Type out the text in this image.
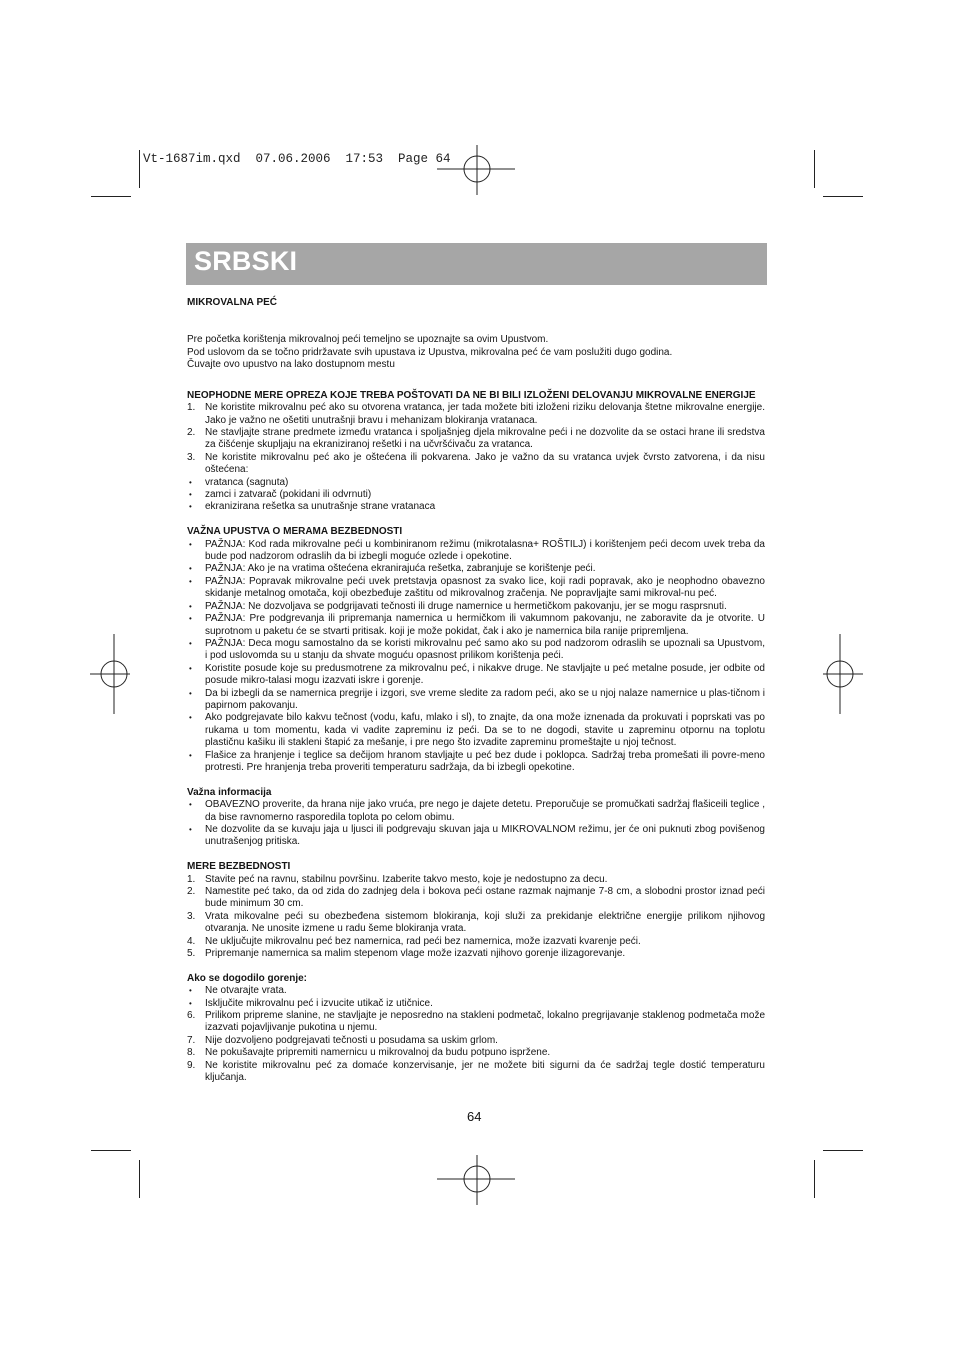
Vt-1687im.qxd  07.06.2006  17:53  Page 64
SRBSKI

MIKROVALNA PEĆ

Pre početka korištenja mikrovalnoj peći temeljno se upoznajte sa ovim Upustvom.

Pod uslovom da se točno pridržavate svih upustava iz Upustva, mikrovalna peć će vam poslužiti dugo godina.

Čuvajte ovo upustvo na lako dostupnom mestu

NEOPHODNE MERE OPREZA KOJE TREBA POŠTOVATI DA NE BI BILI IZLOŽENI DELOVANJU MIKROVALNE ENERGIJE

1. Ne koristite mikrovalnu peć ako su otvorena vratanca, jer tada možete biti izloženi riziku delovanja štetne mikrovalne energije. Jako je važno ne ošetiti unutrašnji bravu i mehanizam blokiranja vratanaca.
2. Ne stavljajte strane predmete između vratanca i spoljašnjeg djela mikrovalne peći i ne dozvolite da se ostaci hrane ili sredstva za čišćenje skupljaju na ekraniziranoj rešetki i na učvršćivaču za vratanca.
3. Ne koristite mikrovalnu peć ako je oštećena ili pokvarena. Jako je važno da su vratanca uvjek čvrsto zatvorena, i da nisu oštećena:
•	vratanca (sagnuta)
•	zamci i zatvarač (pokidani ili odvrnuti)
•	ekranizirana rešetka sa unutrašnje strane vratanaca

VAŽNA UPUSTVA O MERAMA BEZBEDNOSTI

•	PAŽNJA: Kod rada mikrovalne peći u kombiniranom režimu (mikrotalasna+ ROŠTILJ) i korištenjem peći decom uvek treba da bude pod nadzorom odraslih da bi izbegli moguće ozlede i opekotine.
•	PAŽNJA: Ako je na vratima oštećena ekranirajuća rešetka, zabranjuje se korištenje peći.
•	PAŽNJA: Popravak mikrovalne peći uvek pretstavja opasnost za svako lice, koji radi popravak, ako je neophodno obavezno skidanje metalnog omotača, koji obezbeđuje zaštitu od mikrovalnog zračenja. Ne popravljajte sami mikroval-nu peć.
•	PAŽNJA: Ne dozvoljava se podgrijavati tečnosti ili druge namernice u hermetičkom pakovanju, jer se mogu rasprsnuti.
•	PAŽNJA: Pre podgrevanja ili pripremanja namernica u hermičkom ili vakumnom pakovanju, ne zaboravite da je otvorite. U suprotnom u paketu će se stvarti pritisak. koji je može pokidat, čak i ako je namernica bila ranije pripremljena.
•	PAŽNJA: Deca mogu samostalno da se koristi mikrovalnu peć samo ako su pod nadzorom odraslih se upoznali sa Upustvom, i pod uslovomda su u stanju da shvate moguću opasnost prilikom korištenja peći.
•	Koristite posude koje su predusmotrene za mikrovalnu peć, i nikakve druge. Ne stavljajte u peć metalne posude, jer odbite od posude mikro-talasi mogu izazvati iskre i gorenje.
•	Da bi izbegli da se namernica pregrije i izgori, sve vreme sledite za radom peći, ako se u njoj nalaze namernice u plas-tičnom i papirnom pakovanju.
•	Ako podgrejavate bilo kakvu tečnost (vodu, kafu, mlako i sl), to znajte, da ona može iznenada da prokuvati i poprskati vas po rukama u tom momentu, kada vi vadite zapreminu iz peći. Da se to ne dogodi, stavite u zapreminu otpornu na toplotu plastičnu kašiku ili stakleni štapić za mešanje, i pre nego što izvadite zapreminu promeštajte u njoj tečnost.
•	Flašice za hranjenje i teglice sa dečijom hranom stavljajte u peć bez dude i poklopca. Sadržaj treba promešati ili povre-meno protresti. Pre hranjenja treba proveriti temperaturu sadržaja, da bi izbegli opekotine.

Važna informacija

•	OBAVEZNO proverite, da hrana nije jako vruća, pre nego je dajete detetu. Preporučuje se promučkati sadržaj flašiceili teglice , da bise ravnomerno rasporedila toplota po celom obimu.
•	Ne dozvolite da se kuvaju jaja u ljusci ili podgrevaju skuvan jaja u MIKROVALNOM režimu, jer će oni puknuti zbog povišenog unutrašenjog pritiska.

MERE BEZBEDNOSTI

1. Stavite peć na ravnu, stabilnu površinu. Izaberite takvo mesto, koje je nedostupno za decu.
2. Namestite peć tako, da od zida do zadnjeg dela i bokova peći ostane razmak najmanje 7-8 cm, a slobodni prostor iznad peći bude minimum 30 cm.
3. Vrata mikovalne peći su obezbeđena sistemom blokiranja, koji služi za prekidanje električne energije prilikom njihovog otvaranja. Ne unosite izmene u radu šeme blokiranja vrata.
4. Ne uključujte mikrovalnu peć bez namernica, rad peći bez namernica, može izazvati kvarenje peći.
5. Pripremanje namernica sa malim stepenom vlage može izazvati njihovo gorenje ilizagorevanje.

Ako se dogodilo gorenje:

•	Ne otvarajte vrata.
•	Isključite mikrovalnu peć i izvucite utikač iz utičnice.
6. Prilikom pripreme slanine, ne stavljajte je neposredno na stakleni podmetač, lokalno pregrijavanje staklenog podmetača može izazvati pojavljivanje pukotina u njemu.
7. Nije dozvoljeno podgrejavati tečnosti u posudama sa uskim grlom.
8. Ne pokušavajte pripremiti namernicu u mikrovalnoj da budu potpuno ispržene.
9. Ne koristite mikrovalnu peć za domaće konzervisanje, jer ne možete biti sigurni da će sadržaj tegle dostić temperaturu ključanja.
64
